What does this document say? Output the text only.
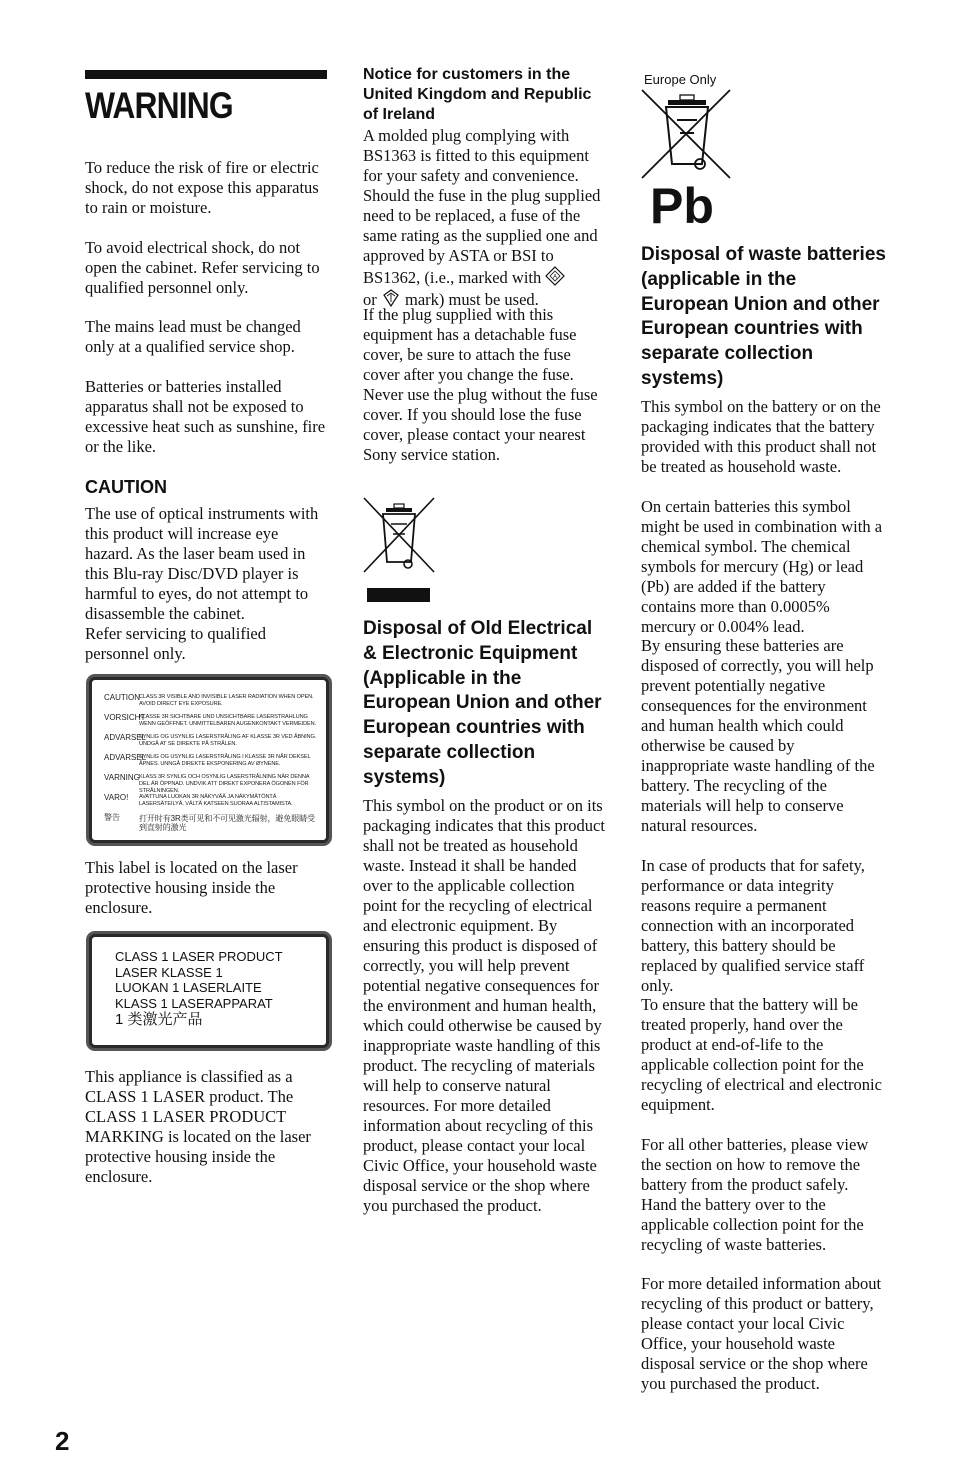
WARNING

To reduce the risk of fire or electric shock, do not expose this apparatus to rain or moisture.

To avoid electrical shock, do not open the cabinet. Refer servicing to qualified personnel only.

The mains lead must be changed only at a qualified service shop.

Batteries or batteries installed apparatus shall not be exposed to excessive heat such as sunshine, fire or the like.

CAUTION

The use of optical instruments with this product will increase eye hazard. As the laser beam used in this Blu-ray Disc/DVD player is harmful to eyes, do not attempt to disassemble the cabinet.

Refer servicing to qualified personnel only.

CAUTION CLASS 3R VISIBLE AND INVISIBLE LASER RADIATION WHEN OPEN. AVOID DIRECT EYE EXPOSURE.
VORSICHT
KLASSE 3R SICHTBARE UND UNSICHTBARE LASERSTRAHLUNG WENN GEÖFFNET. UNMITTELBAREN AUGENKONTAKT VERMEIDEN.
ADVARSEL
SYNLIG OG USYNLIG LASERSTRÅLING AF KLASSE 3R VED ÅBNING. UNDGÅ AT SE DIREKTE PÅ STRÅLEN.
ADVARSEL
SYNLIG OG USYNLIG LASERSTRÅLING I KLASSE 3R NÅR DEKSEL ÅPNES. UNNGÅ DIREKTE EKSPONERING AV ØYNENE.
VARNING KLASS 3R SYNLIG OCH OSYNLIG LASERSTRÅLNING NÄR DENNA DEL ÄR ÖPPNAD. UNDVIK ATT DIREKT EXPONERA ÖGONEN FÖR STRÅLNINGEN.
VARO!	AVATTUNA LUOKAN 3R NÄKYVÄÄ JA NÄKYMÄTÖNTÄ LASERSÄTEILYÄ. VÄLTÄ KATSEEN SUORAA ALTISTAMISTA.
警告	打开时有3R类可见和不可见激光辐射，避免眼睛受到直射的激光

This label is located on the laser protective housing inside the enclosure.

CLASS 1 LASER PRODUCT
LASER KLASSE 1
LUOKAN 1 LASERLAITE
KLASS 1 LASERAPPARAT
1 类激光产品

This appliance is classified as a CLASS 1 LASER product. The CLASS 1 LASER PRODUCT MARKING is located on the laser protective housing inside the enclosure.

Notice for customers in the United Kingdom and Republic of Ireland

A molded plug complying with BS1363 is fitted to this equipment for your safety and convenience. Should the fuse in the plug supplied need to be replaced, a fuse of the same rating as the supplied one and approved by ASTA or BSI to BS1362, (i.e., marked with A

or mark) must be used.

If the plug supplied with this equipment has a detachable fuse cover, be sure to attach the fuse cover after you change the fuse. Never use the plug without the fuse cover. If you should lose the fuse cover, please contact your nearest Sony service station.

Disposal of Old Electrical & Electronic Equipment (Applicable in the European Union and other European countries with separate collection systems)

This symbol on the product or on its packaging indicates that this product shall not be treated as household waste. Instead it shall be handed over to the applicable collection point for the recycling of electrical and electronic equipment. By ensuring this product is disposed of correctly, you will help prevent potential negative consequences for the environment and human health, which could otherwise be caused by inappropriate waste handling of this product. The recycling of materials will help to conserve natural resources. For more detailed information about recycling of this product, please contact your local Civic Office, your household waste disposal service or the shop where you purchased the product.

Europe Only
Pb
Disposal of waste batteries (applicable in the European Union and other European countries with separate collection systems)

This symbol on the battery or on the packaging indicates that the battery provided with this product shall not be treated as household waste.

On certain batteries this symbol might be used in combination with a chemical symbol. The chemical symbols for mercury (Hg) or lead (Pb) are added if the battery contains more than 0.0005% mercury or 0.004% lead.

By ensuring these batteries are disposed of correctly, you will help prevent potentially negative consequences for the environment and human health which could otherwise be caused by inappropriate waste handling of the battery. The recycling of the materials will help to conserve natural resources.

In case of products that for safety, performance or data integrity reasons require a permanent connection with an incorporated battery, this battery should be replaced by qualified service staff only.

To ensure that the battery will be treated properly, hand over the product at end-of-life to the applicable collection point for the recycling of electrical and electronic equipment.

For all other batteries, please view the section on how to remove the battery from the product safely. Hand the battery over to the applicable collection point for the recycling of waste batteries.

For more detailed information about recycling of this product or battery, please contact your local Civic Office, your household waste disposal service or the shop where you purchased the product.

2
